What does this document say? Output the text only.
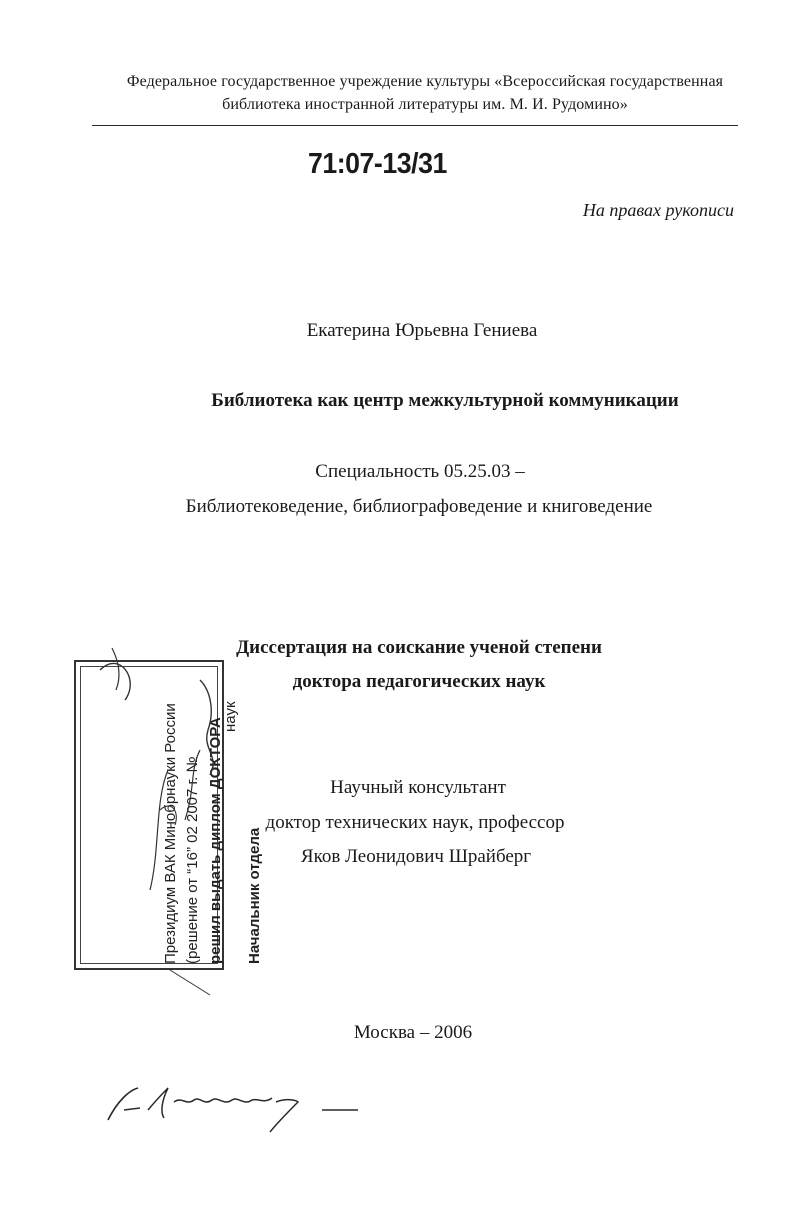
Федеральное государственное учреждение культуры «Всероссийская государственная
библиотека иностранной литературы им. М. И. Рудомино»
71:07-13/31
На правах рукописи
Екатерина Юрьевна Гениева
Библиотека как центр межкультурной коммуникации
Специальность 05.25.03 –
Библиотековедение, библиографоведение и книговедение
Диссертация на соискание ученой степени
доктора педагогических наук
Научный консультант
доктор технических наук, профессор
Яков Леонидович Шрайберг
Москва – 2006
Президиум ВАК Минобрнауки России (решение от “16” 02 2007 г. № решил выдать диплом ДОКТОРА Начальник отдела
наук
